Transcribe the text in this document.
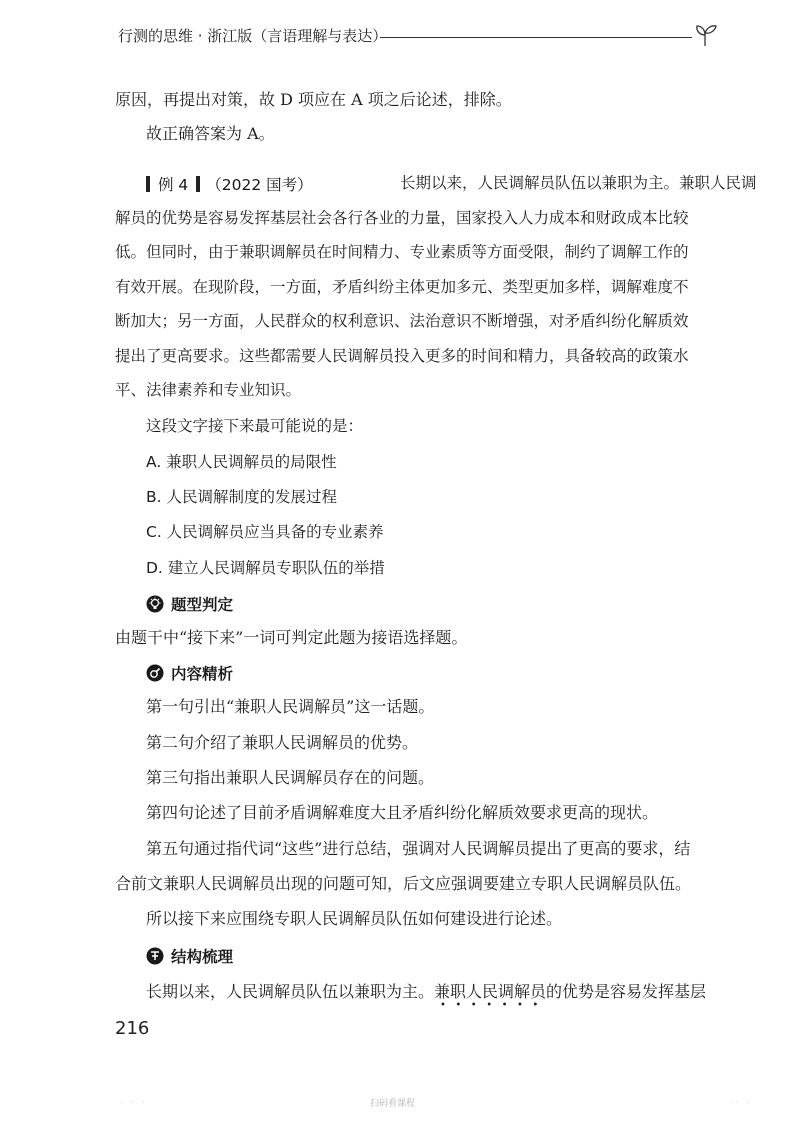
行测的思维 · 浙江版（言语理解与表达）
原因，再提出对策，故 D 项应在 A 项之后论述，排除。
故正确答案为 A。
例 4 （2022 国考）	长期以来，人民调解员队伍以兼职为主。兼职人民调
解员的优势是容易发挥基层社会各行各业的力量，国家投入人力成本和财政成本比较
低。但同时，由于兼职调解员在时间精力、专业素质等方面受限，制约了调解工作的
有效开展。在现阶段，一方面，矛盾纠纷主体更加多元、类型更加多样，调解难度不
断加大；另一方面，人民群众的权利意识、法治意识不断增强，对矛盾纠纷化解质效
提出了更高要求。这些都需要人民调解员投入更多的时间和精力，具备较高的政策水
平、法律素养和专业知识。
这段文字接下来最可能说的是：
A. 兼职人民调解员的局限性
B. 人民调解制度的发展过程
C. 人民调解员应当具备的专业素养
D. 建立人民调解员专职队伍的举措
题型判定
由题干中“接下来”一词可判定此题为接语选择题。
内容精析
第一句引出“兼职人民调解员”这一话题。
第二句介绍了兼职人民调解员的优势。
第三句指出兼职人民调解员存在的问题。
第四句论述了目前矛盾调解难度大且矛盾纠纷化解质效要求更高的现状。
第五句通过指代词“这些”进行总结，强调对人民调解员提出了更高的要求，结
合前文兼职人民调解员出现的问题可知，后文应强调要建立专职人民调解员队伍。
所以接下来应围绕专职人民调解员队伍如何建设进行论述。
结构梳理
长期以来，人民调解员队伍以兼职为主。兼职人民调解员的优势是容易发挥基层
•••••••
216
· · ·	扫码看课程	·· ·
